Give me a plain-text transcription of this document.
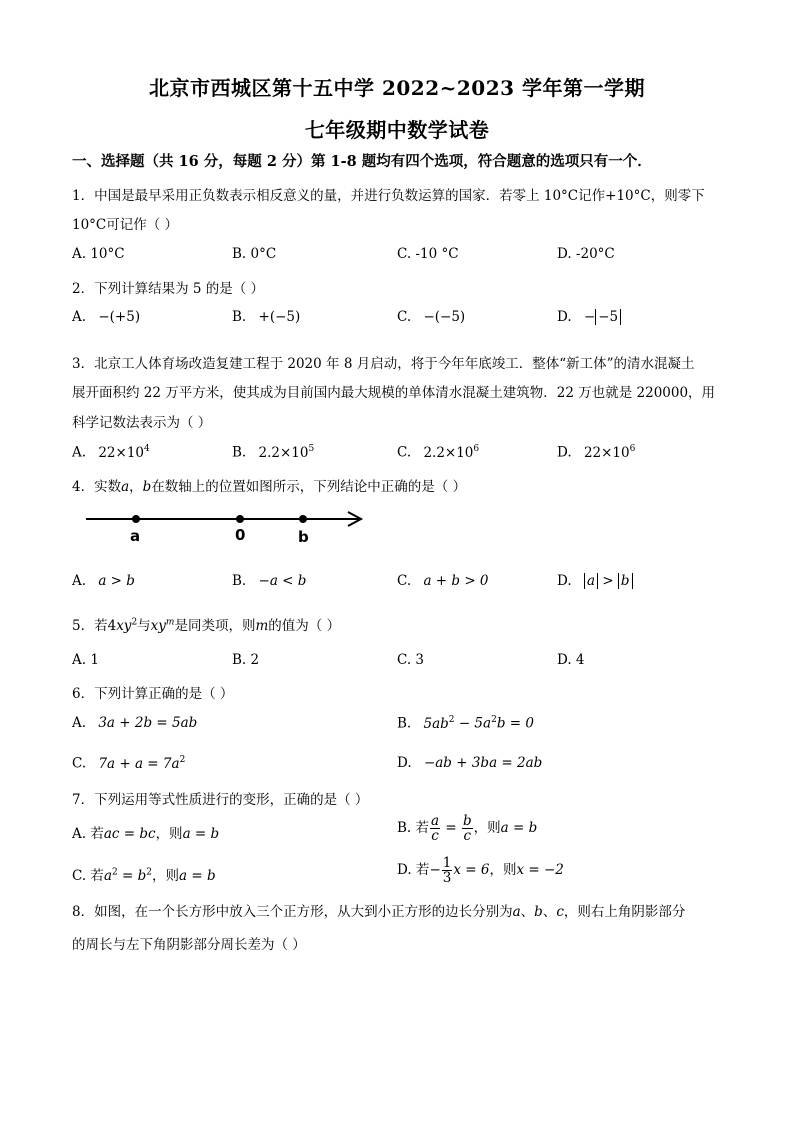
北京市西城区第十五中学 2022~2023 学年第一学期
七年级期中数学试卷
一、选择题（共 16 分，每题 2 分）第 1-8 题均有四个选项，符合题意的选项只有一个．
1．中国是最早采用正负数表示相反意义的量，并进行负数运算的国家．若零上 10°C记作+10°C，则零下
10°C可记作（ ）
A. 10°C	B. 0°C	C. -10 °C	D. -20°C
2．下列计算结果为 5 的是（ ）
A. −(+5)	B. +(−5)	C. −(−5)	D. − −5
3．北京工人体育场改造复建工程于 2020 年 8 月启动，将于今年年底竣工．整体“新工体”的清水混凝土
展开面积约 22 万平方米，使其成为目前国内最大规模的单体清水混凝土建筑物．22 万也就是 220000，用
科学记数法表示为（ ）
A. $22\times 10^4$	B. $2.2\times 10^5$	C. $2.2\times 10^6$	D. $22\times 10^6$
4．实数a，b在数轴上的位置如图所示，下列结论中正确的是（ ）
a	0	b
A. a > b	B. −a < b	C. a + b > 0	D. a > b
5．若$4xy^2$与$xy^m$是同类项，则m的值为（ ）
A. 1	B. 2	C. 3	D. 4
6．下列计算正确的是（ ）
A. 3a + 2b = 5ab	B. $5ab^2 - 5a^2b = 0$
C. $7a + a = 7a^2$	D. −ab + 3ba = 2ab
7．下列运用等式性质进行的变形，正确的是（ ）
A. 若ac = bc，则a = b	B. 若 $\frac{a}{c} = \frac{b}{c}$ ，则a = b
C. 若$a^2 = b^2$，则a = b	D. 若− $\frac{1}{3}$ x = 6，则x = −2
8．如图，在一个长方形中放入三个正方形，从大到小正方形的边长分别为a、b、c，则右上角阴影部分
的周长与左下角阴影部分周长差为（ ）
